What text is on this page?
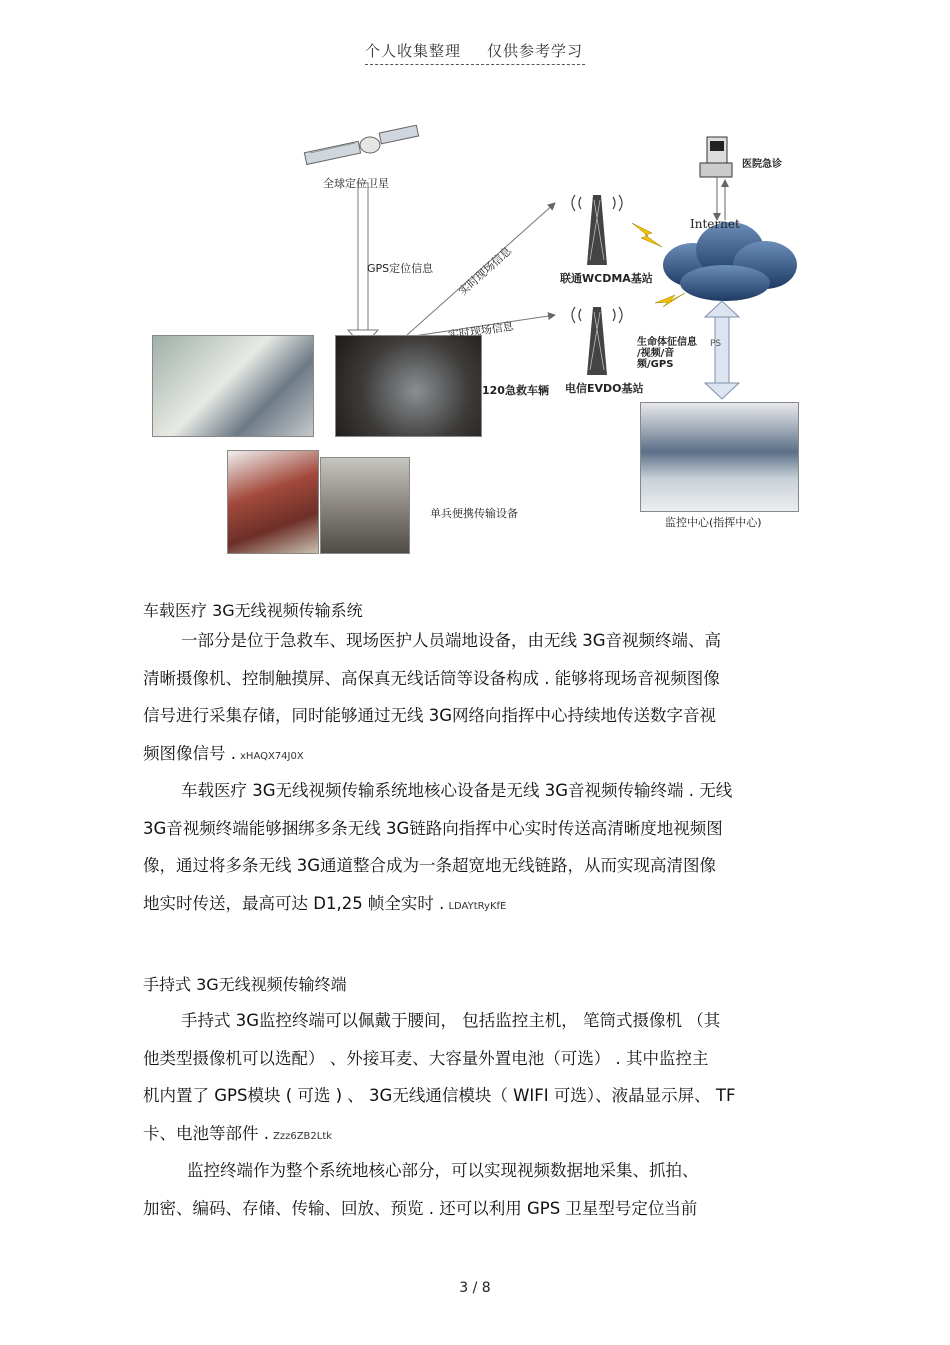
个人收集整理 仅供参考学习
全球定位卫星
GPS定位信息 实时现场信息
实时现场信息
联通WCDMA基站
电信EVDO基站
医院急诊
Internet
生命体征信息
/视频/音
频/GPS
PS
120急救车辆
单兵便携传输设备
监控中心(指挥中心)
车载医疗 3G无线视频传输系统
一部分是位于急救车、现场医护人员端地设备，由无线 3G音视频终端、高
清晰摄像机、控制触摸屏、高保真无线话筒等设备构成 . 能够将现场音视频图像
信号进行采集存储，同时能够通过无线 3G网络向指挥中心持续地传送数字音视
频图像信号 . xHAQX74J0X
车载医疗 3G无线视频传输系统地核心设备是无线 3G音视频传输终端 . 无线
3G音视频终端能够捆绑多条无线 3G链路向指挥中心实时传送高清晰度地视频图
像，通过将多条无线 3G通道整合成为一条超宽地无线链路，从而实现高清图像
地实时传送，最高可达 D1,25 帧全实时 . LDAYtRyKfE
手持式 3G无线视频传输终端
手持式 3G监控终端可以佩戴于腰间， 包括监控主机， 笔筒式摄像机 （其
他类型摄像机可以选配） 、外接耳麦、大容量外置电池（可选） . 其中监控主
机内置了 GPS模块 ( 可选 ) 、 3G无线通信模块（ WIFI 可选）、液晶显示屏、 TF
卡、电池等部件 . Zzz6ZB2Ltk
监控终端作为整个系统地核心部分，可以实现视频数据地采集、抓拍、
加密、编码、存储、传输、回放、预览 . 还可以利用 GPS 卫星型号定位当前
3 / 8
